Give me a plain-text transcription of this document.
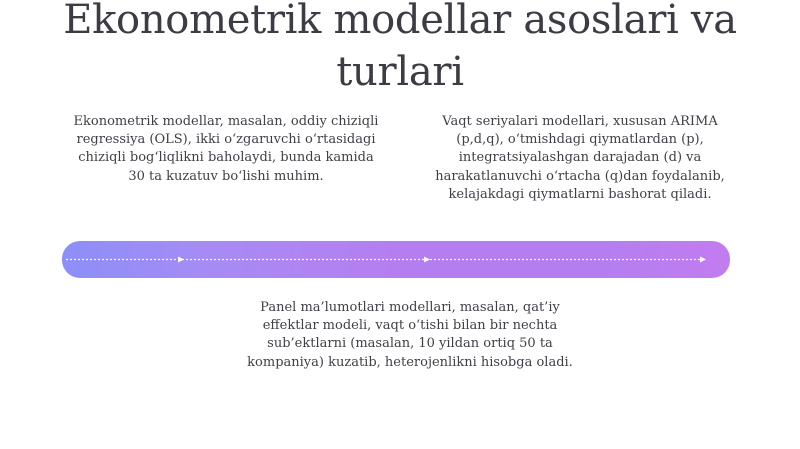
Ekonometrik modellar asoslari va turlari

Ekonometrik modellar, masalan, oddiy chiziqli regressiya (OLS), ikki o‘zgaruvchi o‘rtasidagi chiziqli bog‘liqlikni baholaydi, bunda kamida 30 ta kuzatuv bo‘lishi muhim.

Vaqt seriyalari modellari, xususan ARIMA (p,d,q), o‘tmishdagi qiymatlardan (p), integratsiyalashgan darajadan (d) va harakatlanuvchi o‘rtacha (q)dan foydalanib, kelajakdagi qiymatlarni bashorat qiladi.

Panel ma’lumotlari modellari, masalan, qat’iy effektlar modeli, vaqt o‘tishi bilan bir nechta sub’ektlarni (masalan, 10 yildan ortiq 50 ta kompaniya) kuzatib, heterojenlikni hisobga oladi.
